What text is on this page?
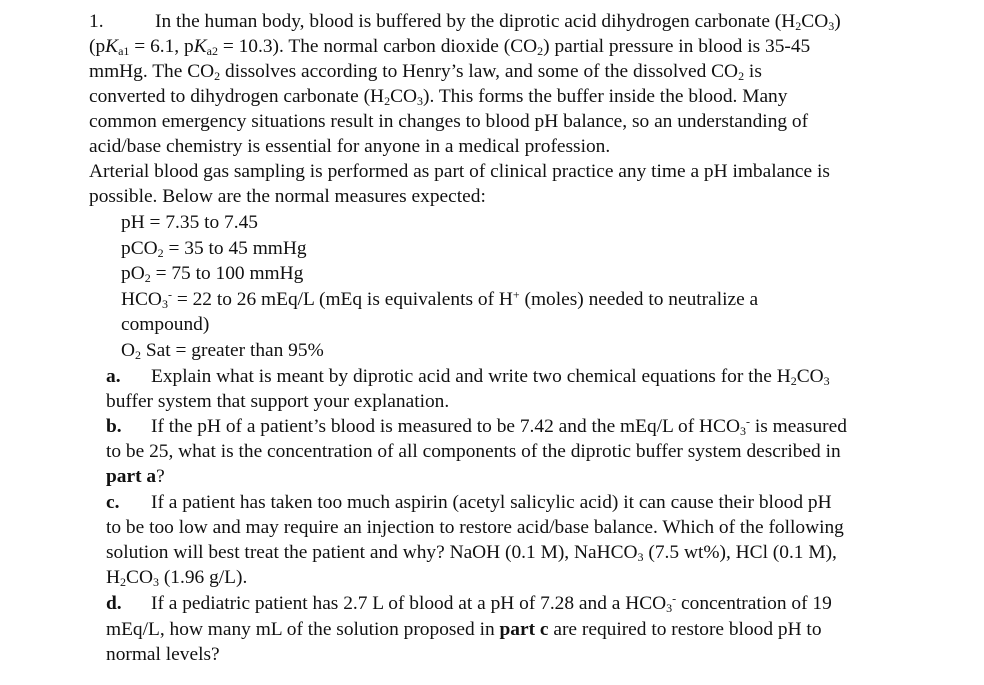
1.	In the human body, blood is buffered by the diprotic acid dihydrogen carbonate $(H_2CO_3)$
($pK_{a1} = 6.1$, $pK_{a2} = 10.3$). The normal carbon dioxide $(CO_2)$ partial pressure in blood is 35-45
mmHg. The $CO_2$ dissolves according to Henry’s law, and some of the dissolved $CO_2$ is
converted to dihydrogen carbonate $(H_2CO_3)$. This forms the buffer inside the blood. Many
common emergency situations result in changes to blood pH balance, so an understanding of
acid/base chemistry is essential for anyone in a medical profession.
Arterial blood gas sampling is performed as part of clinical practice any time a pH imbalance is
possible. Below are the normal measures expected:
pH = 7.35 to 7.45
pCO$_2$ = 35 to 45 mmHg
$pO_2 = 75$ to 100 mmHg
$HCO_3^- = 22$ to 26 mEq/L (mEq is equivalents of H+ (moles) needed to neutralize a
compound)
$O_2$ Sat = greater than 95%
a. Explain what is meant by diprotic acid and write two chemical equations for the $H_2CO_3$
buffer system that support your explanation.
b. If the pH of a patient’s blood is measured to be 7.42 and the mEq/L of $HCO_3^-$ is measured
to be 25, what is the concentration of all components of the diprotic buffer system described in
part a?
c. If a patient has taken too much aspirin (acetyl salicylic acid) it can cause their blood pH
to be too low and may require an injection to restore acid/base balance. Which of the following
solution will best treat the patient and why? NaOH (0.1 M), NaHCO$_3$ (7.5 wt%), HCl (0.1 M),
$H_2CO_3$ (1.96 g/L).
d. If a pediatric patient has 2.7 L of blood at a pH of 7.28 and a $HCO_3^-$ concentration of 19
mEq/L, how many mL of the solution proposed in part c are required to restore blood pH to
normal levels?
